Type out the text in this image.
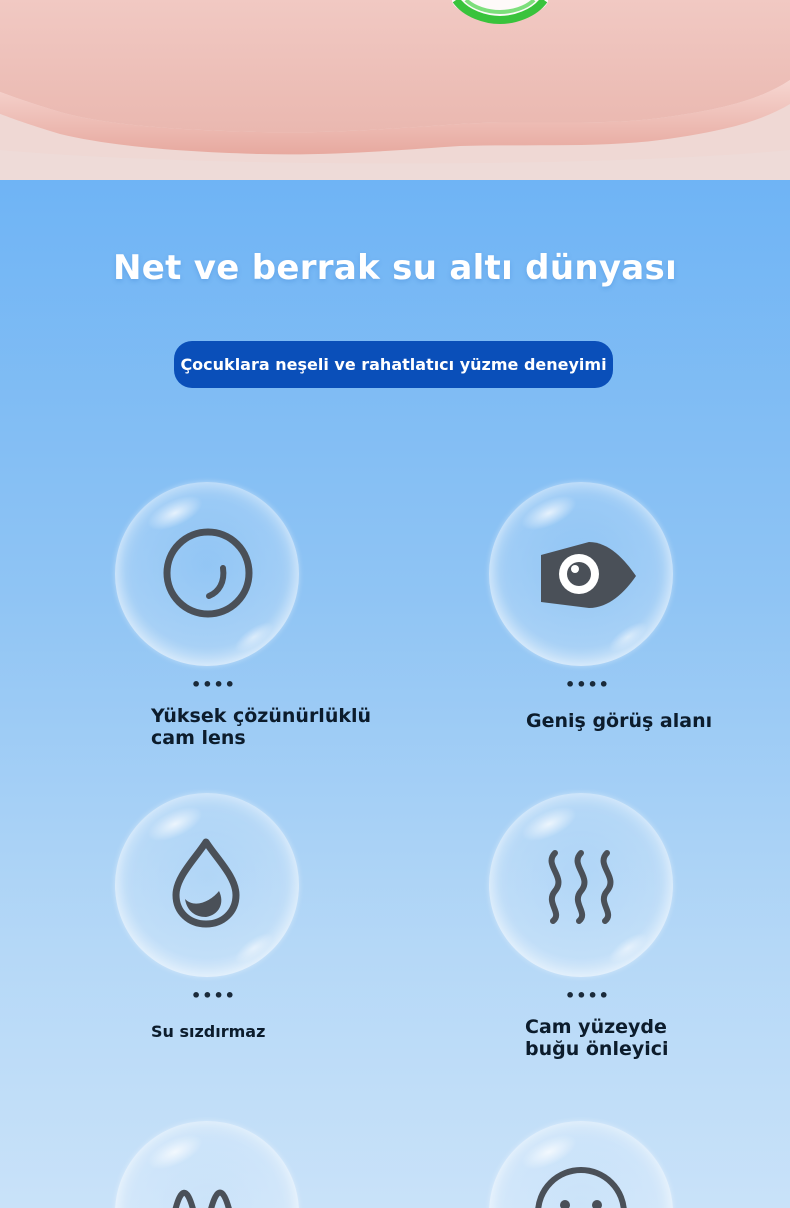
Net ve berrak su altı dünyası
Çocuklara neşeli ve rahatlatıcı yüzme deneyimi
••••
Yüksek çözünürlüklü
cam lens
••••
Geniş görüş alanı
••••
Su sızdırmaz
••••
Cam yüzeyde
buğu önleyici
